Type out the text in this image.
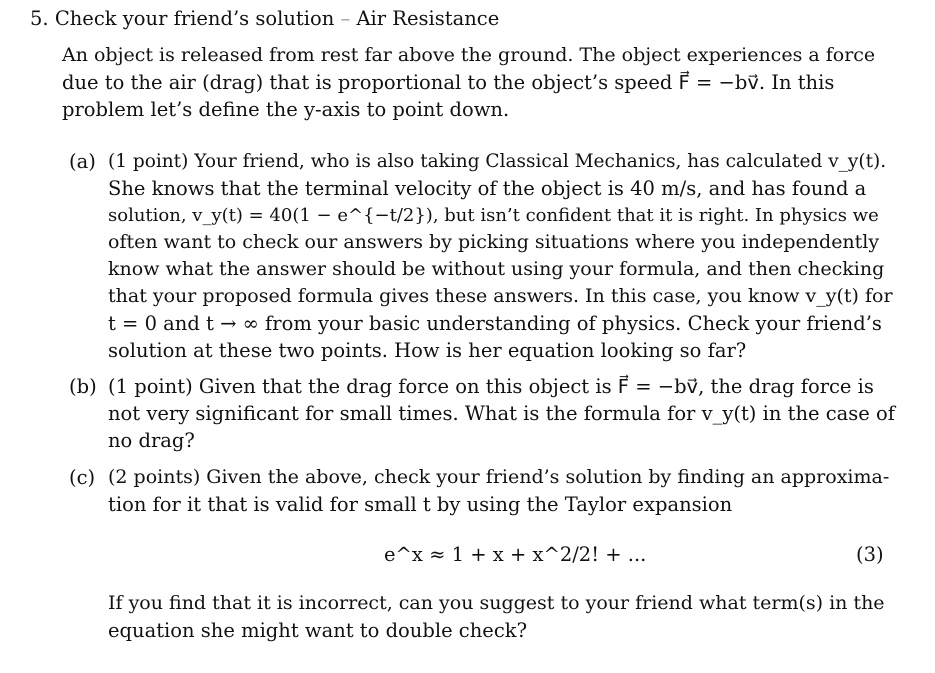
5. Check your friend’s solution – Air Resistance
An object is released from rest far above the ground. The object experiences a force
due to the air (drag) that is proportional to the object’s speed F⃗ = −bv⃗. In this
problem let’s define the y-axis to point down.
(a) (1 point) Your friend, who is also taking Classical Mechanics, has calculated v_y(t).
She knows that the terminal velocity of the object is 40 m/s, and has found a
solution, v_y(t) = 40(1 − e^{−t/2}), but isn’t confident that it is right. In physics we
often want to check our answers by picking situations where you independently
know what the answer should be without using your formula, and then checking
that your proposed formula gives these answers. In this case, you know v_y(t) for
t = 0 and t → ∞ from your basic understanding of physics. Check your friend’s
solution at these two points. How is her equation looking so far?
(b) (1 point) Given that the drag force on this object is F⃗ = −bv⃗, the drag force is
not very significant for small times. What is the formula for v_y(t) in the case of
no drag?
(c) (2 points) Given the above, check your friend’s solution by finding an approxima-
tion for it that is valid for small t by using the Taylor expansion
e^x ≈ 1 + x + x^2/2! + ...	(3)
If you find that it is incorrect, can you suggest to your friend what term(s) in the
equation she might want to double check?
